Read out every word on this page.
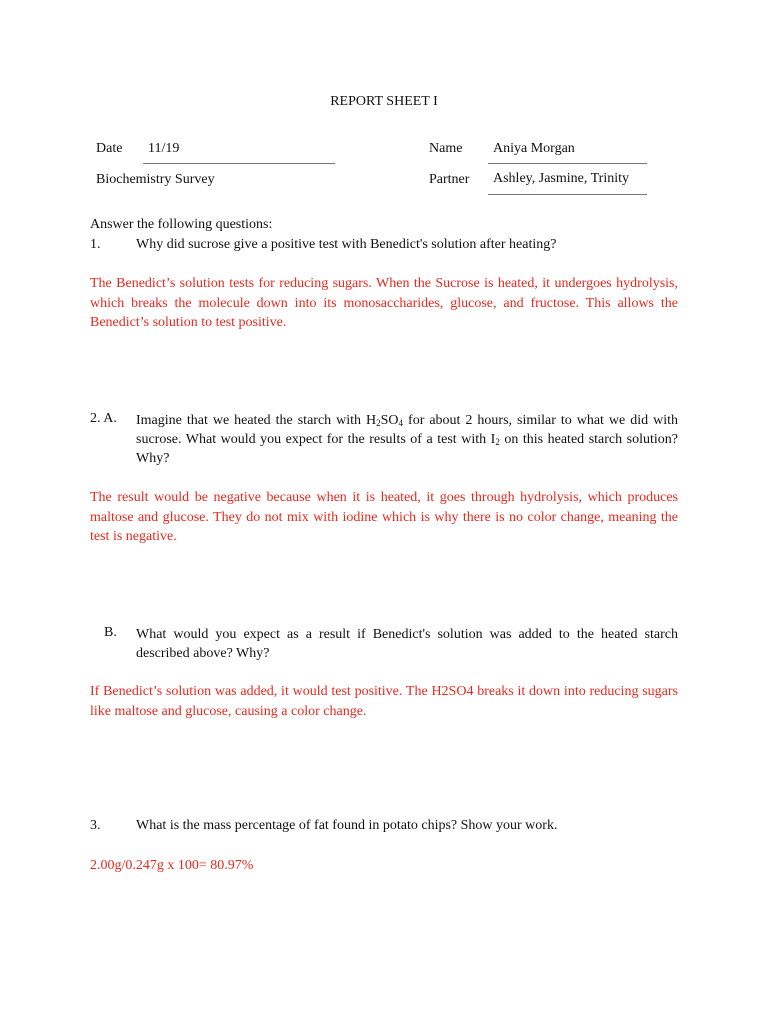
REPORT SHEET I
Date 11/19
Biochemistry Survey
Name Aniya Morgan
Partner Ashley, Jasmine, Trinity
Answer the following questions:
1.	Why did sucrose give a positive test with Benedict's solution after heating?
The Benedict’s solution tests for reducing sugars. When the Sucrose is heated, it undergoes hydrolysis, which breaks the molecule down into its monosaccharides, glucose, and fructose. This allows the Benedict’s solution to test positive.
2. A. Imagine that we heated the starch with $H_2SO_4$ for about 2 hours, similar to what we did with sucrose. What would you expect for the results of a test with $I_2$ on this heated starch solution? Why?
The result would be negative because when it is heated, it goes through hydrolysis, which produces maltose and glucose. They do not mix with iodine which is why there is no color change, meaning the test is negative.
B. What would you expect as a result if Benedict's solution was added to the heated starch described above? Why?
If Benedict’s solution was added, it would test positive. The H2SO4 breaks it down into reducing sugars like maltose and glucose, causing a color change.
3.	What is the mass percentage of fat found in potato chips? Show your work.
2.00g/0.247g x 100= 80.97%
